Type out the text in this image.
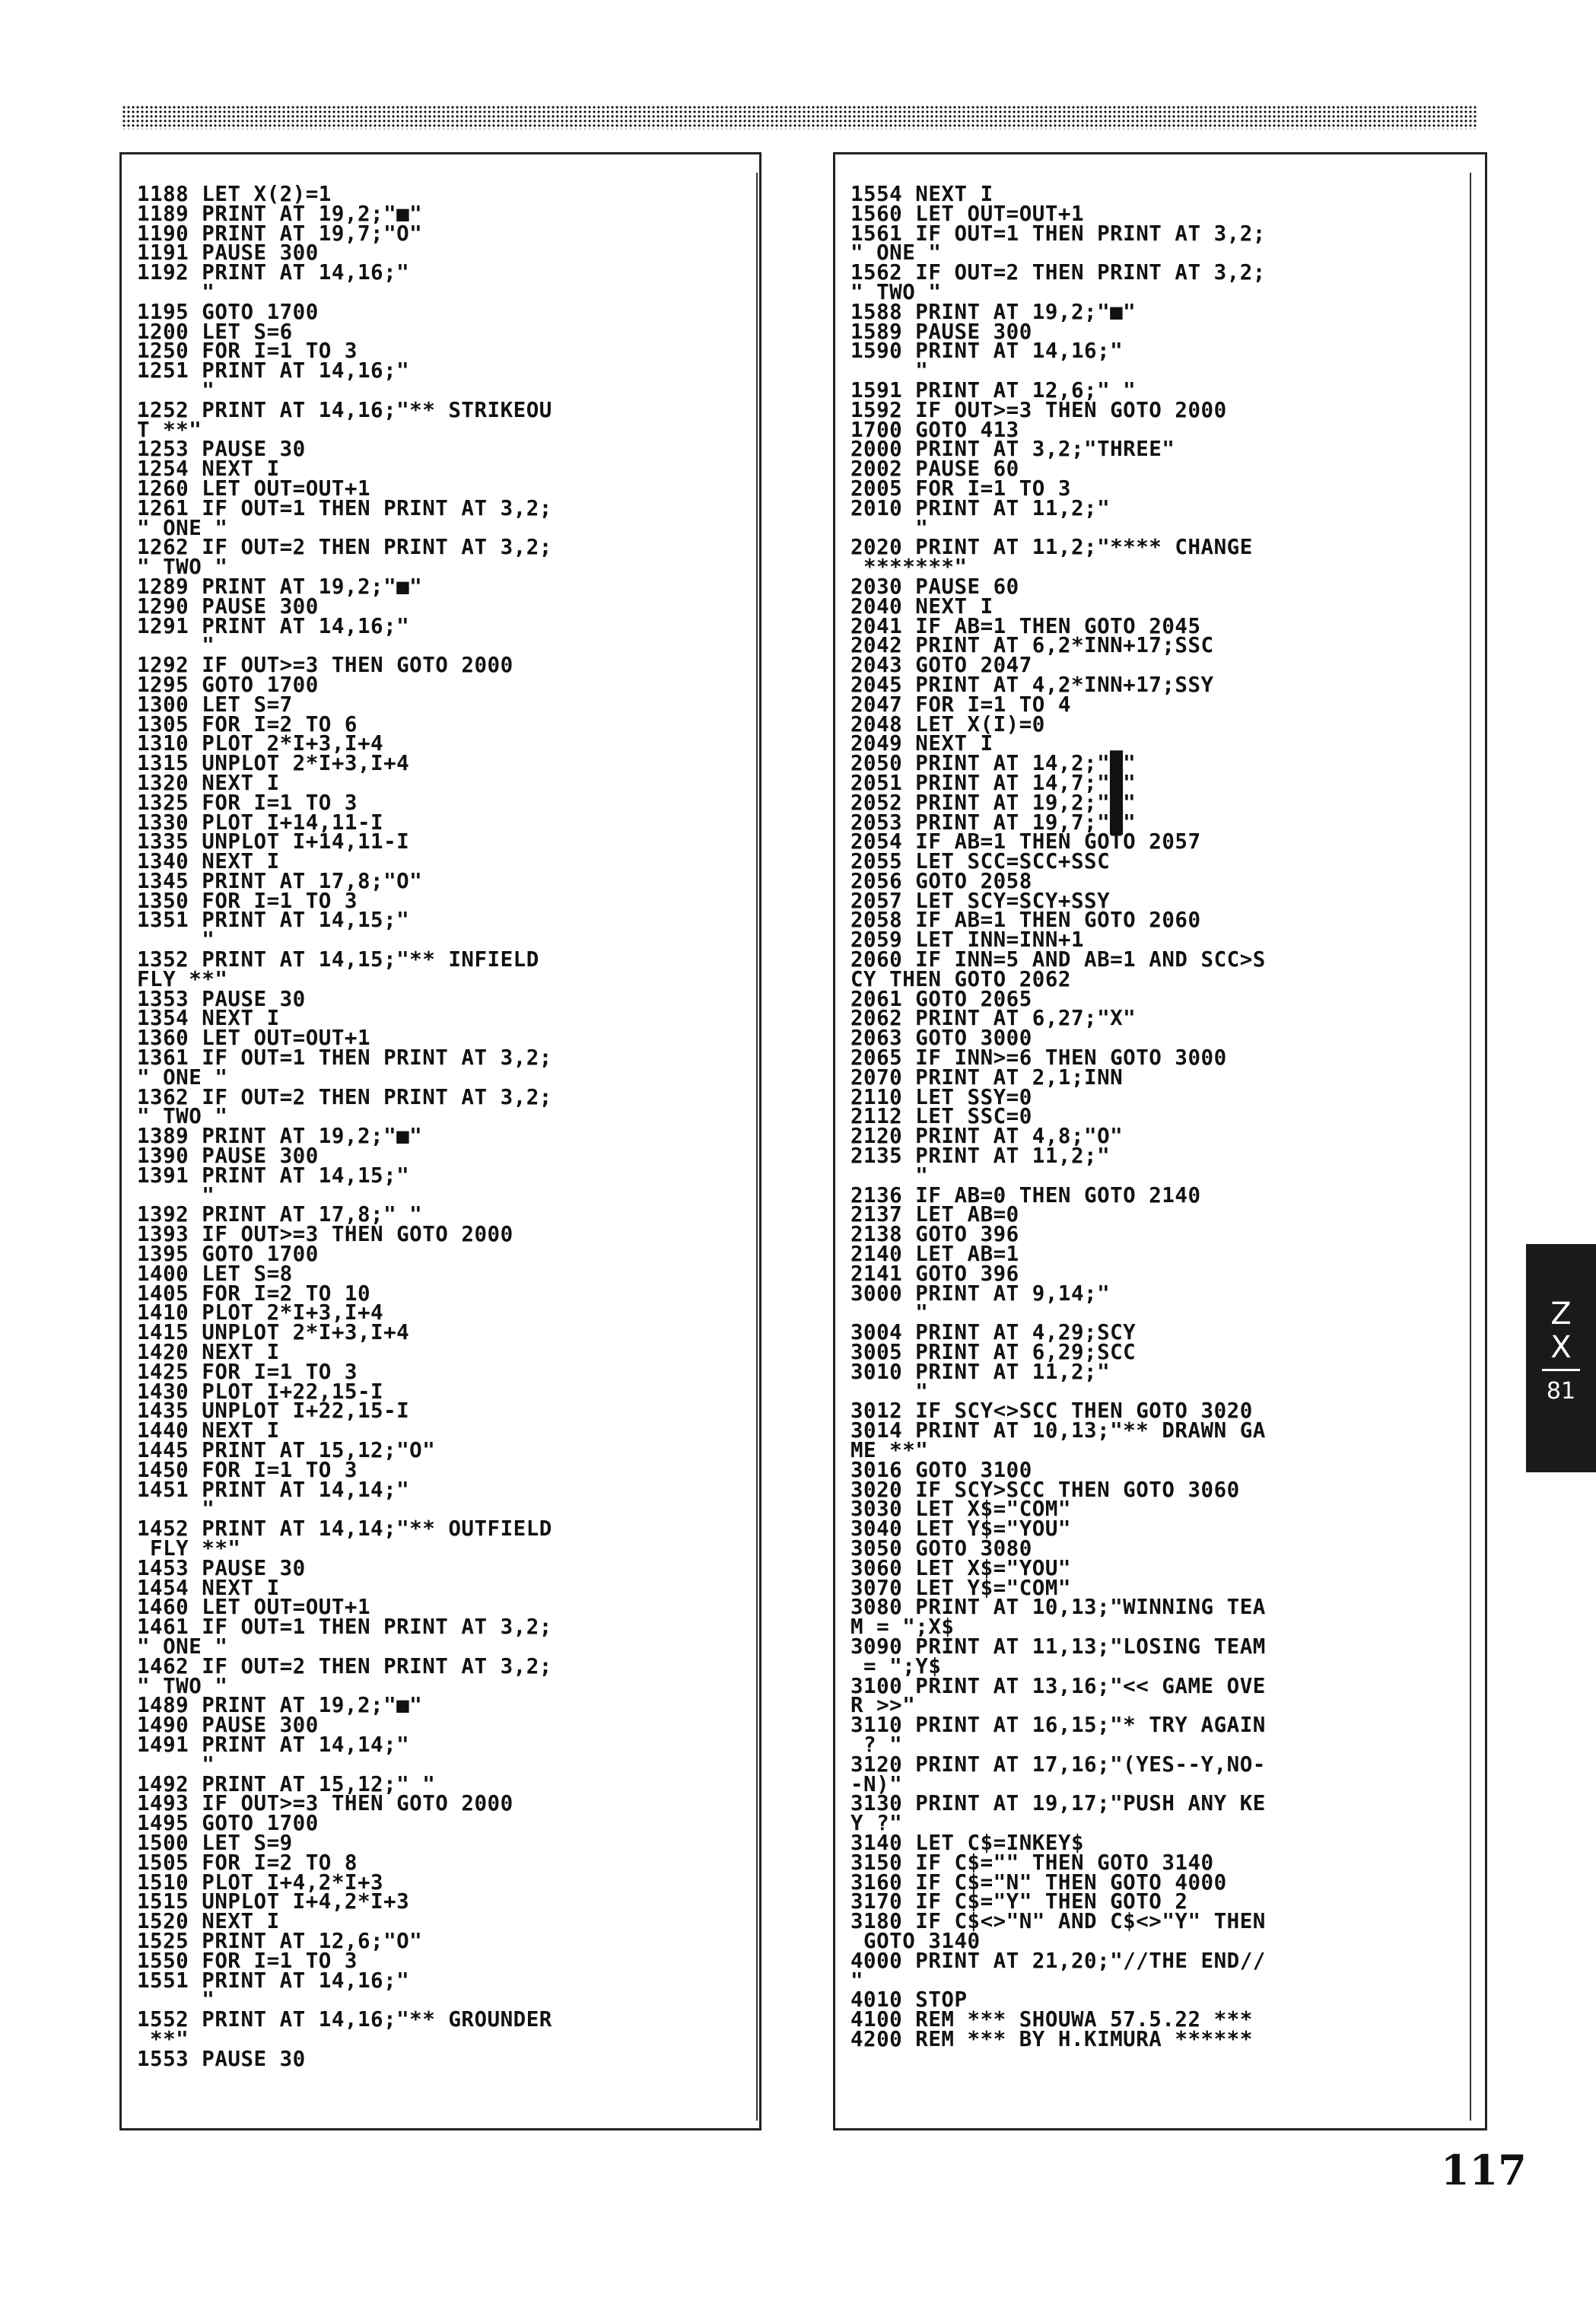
1188 LET X(2)=1
1189 PRINT AT 19,2;"■"
1190 PRINT AT 19,7;"O"
1191 PAUSE 300
1192 PRINT AT 14,16;"
"
1195 GOTO 1700
1200 LET S=6
1250 FOR I=1 TO 3
1251 PRINT AT 14,16;"
"
1252 PRINT AT 14,16;"** STRIKEOU
T **"
1253 PAUSE 30
1254 NEXT I
1260 LET OUT=OUT+1
1261 IF OUT=1 THEN PRINT AT 3,2;
" ONE "
1262 IF OUT=2 THEN PRINT AT 3,2;
" TWO "
1289 PRINT AT 19,2;"■"
1290 PAUSE 300
1291 PRINT AT 14,16;"
"
1292 IF OUT>=3 THEN GOTO 2000
1295 GOTO 1700
1300 LET S=7
1305 FOR I=2 TO 6
1310 PLOT 2*I+3,I+4
1315 UNPLOT 2*I+3,I+4
1320 NEXT I
1325 FOR I=1 TO 3
1330 PLOT I+14,11-I
1335 UNPLOT I+14,11-I
1340 NEXT I
1345 PRINT AT 17,8;"O"
1350 FOR I=1 TO 3
1351 PRINT AT 14,15;"
"
1352 PRINT AT 14,15;"** INFIELD
FLY **"
1353 PAUSE 30
1354 NEXT I
1360 LET OUT=OUT+1
1361 IF OUT=1 THEN PRINT AT 3,2;
" ONE "
1362 IF OUT=2 THEN PRINT AT 3,2;
" TWO "
1389 PRINT AT 19,2;"■"
1390 PAUSE 300
1391 PRINT AT 14,15;"
"
1392 PRINT AT 17,8;" "
1393 IF OUT>=3 THEN GOTO 2000
1395 GOTO 1700
1400 LET S=8
1405 FOR I=2 TO 10
1410 PLOT 2*I+3,I+4
1415 UNPLOT 2*I+3,I+4
1420 NEXT I
1425 FOR I=1 TO 3
1430 PLOT I+22,15-I
1435 UNPLOT I+22,15-I
1440 NEXT I
1445 PRINT AT 15,12;"O"
1450 FOR I=1 TO 3
1451 PRINT AT 14,14;"
"
1452 PRINT AT 14,14;"** OUTFIELD
FLY **"
1453 PAUSE 30
1454 NEXT I
1460 LET OUT=OUT+1
1461 IF OUT=1 THEN PRINT AT 3,2;
" ONE "
1462 IF OUT=2 THEN PRINT AT 3,2;
" TWO "
1489 PRINT AT 19,2;"■"
1490 PAUSE 300
1491 PRINT AT 14,14;"
"
1492 PRINT AT 15,12;" "
1493 IF OUT>=3 THEN GOTO 2000
1495 GOTO 1700
1500 LET S=9
1505 FOR I=2 TO 8
1510 PLOT I+4,2*I+3
1515 UNPLOT I+4,2*I+3
1520 NEXT I
1525 PRINT AT 12,6;"O"
1550 FOR I=1 TO 3
1551 PRINT AT 14,16;"
"
1552 PRINT AT 14,16;"** GROUNDER
**"
1553 PAUSE 30
1554 NEXT I
1560 LET OUT=OUT+1
1561 IF OUT=1 THEN PRINT AT 3,2;
" ONE "
1562 IF OUT=2 THEN PRINT AT 3,2;
" TWO "
1588 PRINT AT 19,2;"■"
1589 PAUSE 300
1590 PRINT AT 14,16;"
"
1591 PRINT AT 12,6;" "
1592 IF OUT>=3 THEN GOTO 2000
1700 GOTO 413
2000 PRINT AT 3,2;"THREE"
2002 PAUSE 60
2005 FOR I=1 TO 3
2010 PRINT AT 11,2;"
"
2020 PRINT AT 11,2;"**** CHANGE
*******"
2030 PAUSE 60
2040 NEXT I
2041 IF AB=1 THEN GOTO 2045
2042 PRINT AT 6,2*INN+17;SSC
2043 GOTO 2047
2045 PRINT AT 4,2*INN+17;SSY
2047 FOR I=1 TO 4
2048 LET X(I)=0
2049 NEXT I
2050 PRINT AT 14,2;"█"
2051 PRINT AT 14,7;"█"
2052 PRINT AT 19,2;"█"
2053 PRINT AT 19,7;"█"
2054 IF AB=1 THEN GOTO 2057
2055 LET SCC=SCC+SSC
2056 GOTO 2058
2057 LET SCY=SCY+SSY
2058 IF AB=1 THEN GOTO 2060
2059 LET INN=INN+1
2060 IF INN=5 AND AB=1 AND SCC>S
CY THEN GOTO 2062
2061 GOTO 2065
2062 PRINT AT 6,27;"X"
2063 GOTO 3000
2065 IF INN>=6 THEN GOTO 3000
2070 PRINT AT 2,1;INN
2110 LET SSY=0
2112 LET SSC=0
2120 PRINT AT 4,8;"O"
2135 PRINT AT 11,2;"
"
2136 IF AB=0 THEN GOTO 2140
2137 LET AB=0
2138 GOTO 396
2140 LET AB=1
2141 GOTO 396
3000 PRINT AT 9,14;"
"
3004 PRINT AT 4,29;SCY
3005 PRINT AT 6,29;SCC
3010 PRINT AT 11,2;"
"
3012 IF SCY<>SCC THEN GOTO 3020
3014 PRINT AT 10,13;"** DRAWN GA
ME **"
3016 GOTO 3100
3020 IF SCY>SCC THEN GOTO 3060
3030 LET X$="COM"
3040 LET Y$="YOU"
3050 GOTO 3080
3060 LET X$="YOU"
3070 LET Y$="COM"
3080 PRINT AT 10,13;"WINNING TEA
M = ";X$
3090 PRINT AT 11,13;"LOSING TEAM
= ";Y$
3100 PRINT AT 13,16;"<< GAME OVE
R >>"
3110 PRINT AT 16,15;"* TRY AGAIN
? "
3120 PRINT AT 17,16;"(YES--Y,NO-
-N)"
3130 PRINT AT 19,17;"PUSH ANY KE
Y ?"
3140 LET C$=INKEY$
3150 IF C$="" THEN GOTO 3140
3160 IF C$="N" THEN GOTO 4000
3170 IF C$="Y" THEN GOTO 2
3180 IF C$<>"N" AND C$<>"Y" THEN
GOTO 3140
4000 PRINT AT 21,20;"//THE END//
"
4010 STOP
4100 REM *** SHOUWA 57.5.22 ***
4200 REM *** BY H.KIMURA ******
Z
X
81
117
